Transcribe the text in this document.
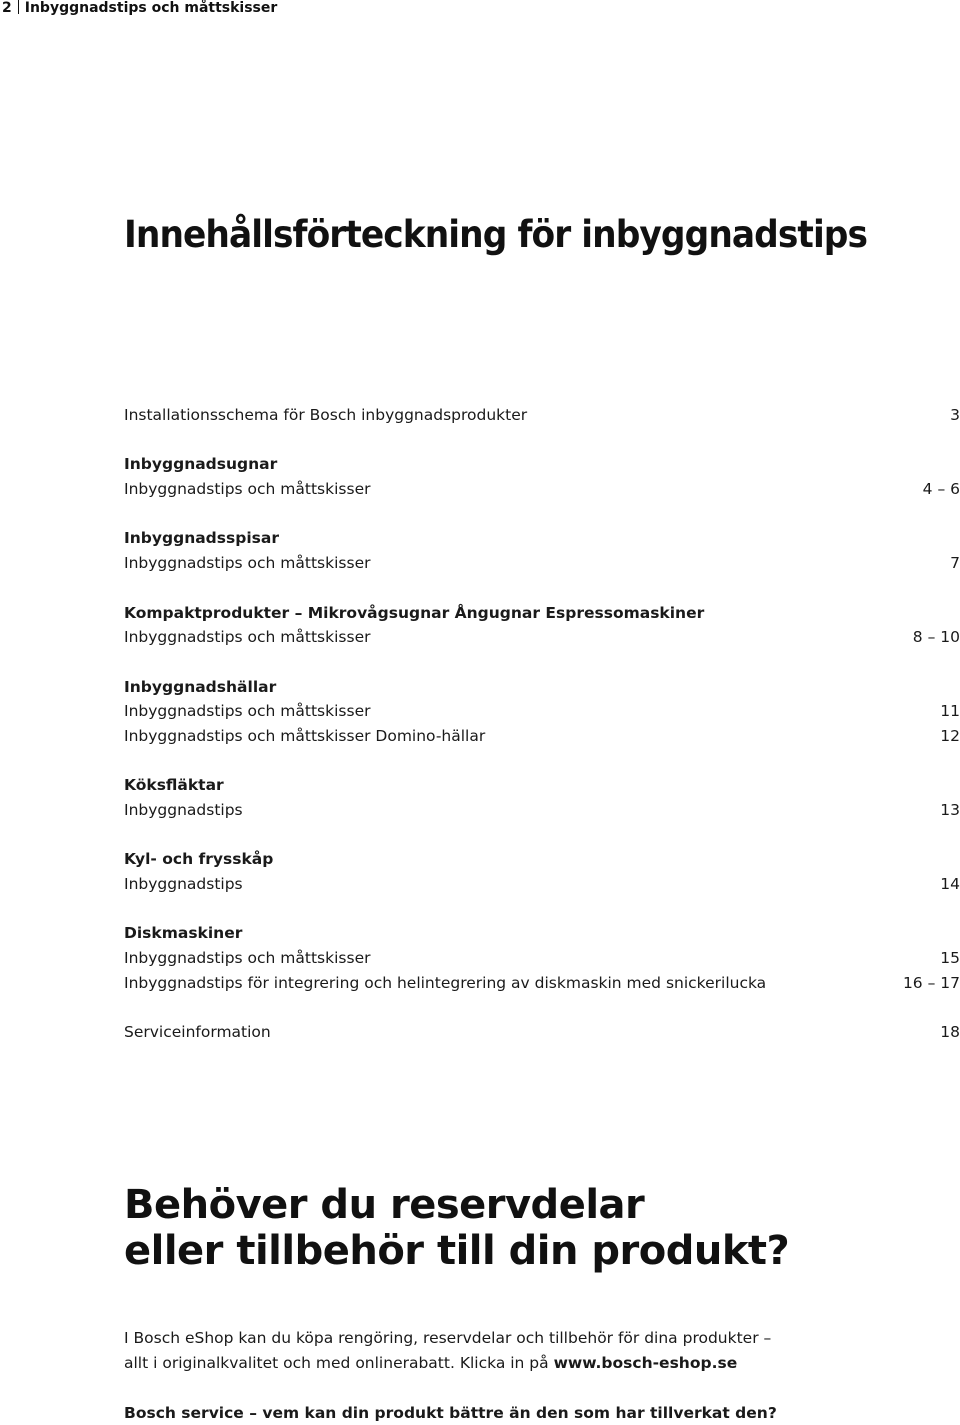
2 Inbyggnadstips och måttskisser
Innehållsförteckning för inbyggnadstips
Installationsschema för Bosch inbyggnadsprodukter	3
Inbyggnadsugnar
Inbyggnadstips och måttskisser	4 – 6
Inbyggnadsspisar
Inbyggnadstips och måttskisser	7
Kompaktprodukter – Mikrovågsugnar Ångugnar Espressomaskiner
Inbyggnadstips och måttskisser	8 – 10
Inbyggnadshällar
Inbyggnadstips och måttskisser	11
Inbyggnadstips och måttskisser Domino-hällar	12
Köksfläktar
Inbyggnadstips	13
Kyl- och frysskåp
Inbyggnadstips	14
Diskmaskiner
Inbyggnadstips och måttskisser	15
Inbyggnadstips för integrering och helintegrering av diskmaskin med snickerilucka	16 – 17
Serviceinformation	18
Behöver du reservdelar
eller tillbehör till din produkt?

I Bosch eShop kan du köpa rengöring, reservdelar och tillbehör för dina produkter –
allt i originalkvalitet och med onlinerabatt. Klicka in på www.bosch-eshop.se

Bosch service – vem kan din produkt bättre än den som har tillverkat den?
